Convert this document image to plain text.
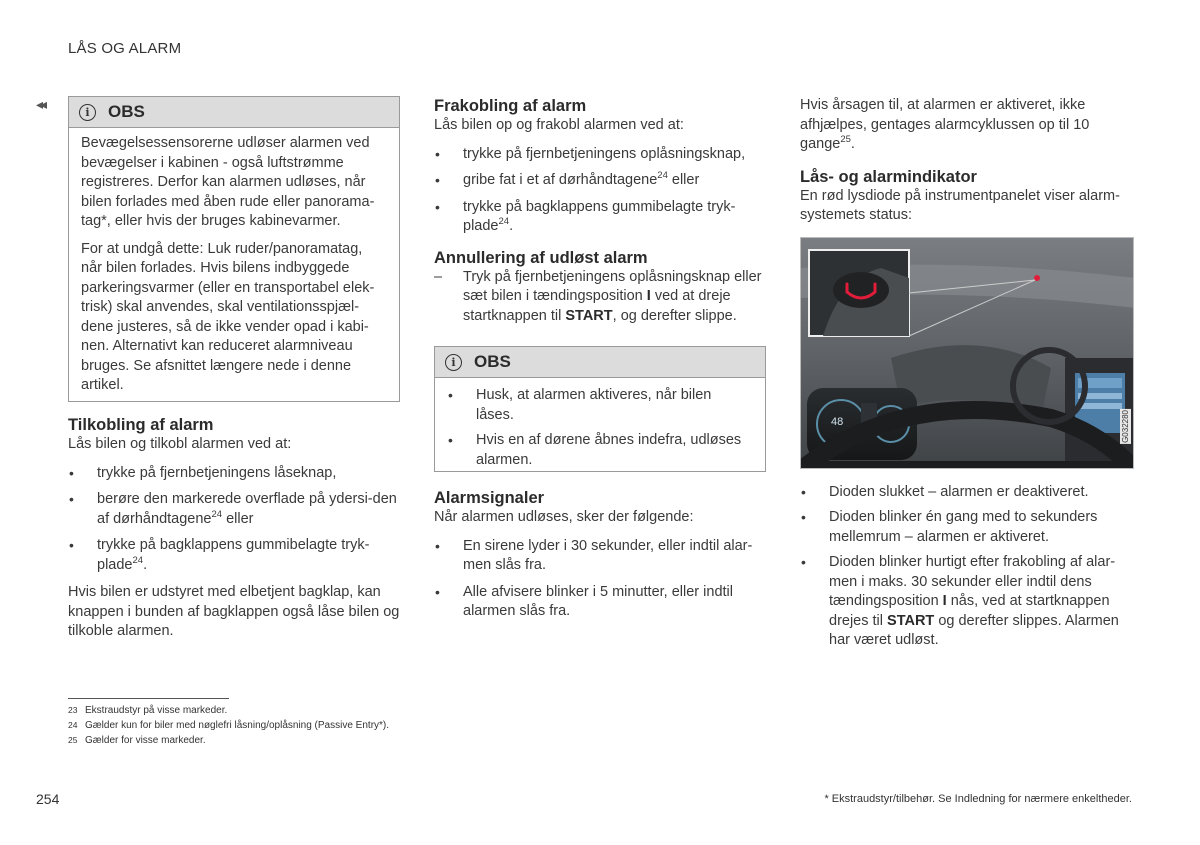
LÅS OG ALARM
◂◂	i	OBS

Bevægelsessensorerne udløser alarmen ved bevægelser i kabinen - også luftstrømme registreres. Derfor kan alarmen udløses, når bilen forlades med åben rude eller panorama-tag*, eller hvis der bruges kabinevarmer.

For at undgå dette: Luk ruder/panoramatag, når bilen forlades. Hvis bilens indbyggede parkeringsvarmer (eller en transportabel elek-trisk) skal anvendes, skal ventilationsspjæl-dene justeres, så de ikke vender opad i kabi-nen. Alternativt kan reduceret alarmniveau bruges. Se afsnittet længere nede i denne artikel.

Tilkobling af alarm

Lås bilen og tilkobl alarmen ved at:

• trykke på fjernbetjeningens låseknap,
• berøre den markerede overflade på ydersi-den af dørhåndtagene$^{24}$ eller
• trykke på bagklappens gummibelagte tryk-plade$^{24}$.

Hvis bilen er udstyret med elbetjent bagklap, kan knappen i bunden af bagklappen også låse bilen og tilkoble alarmen.

Frakobling af alarm

Lås bilen op og frakobl alarmen ved at:

• trykke på fjernbetjeningens oplåsningsknap,
• gribe fat i et af dørhåndtagene$^{24}$ eller
• trykke på bagklappens gummibelagte tryk-plade$^{24}$.
Annullering af udløst alarm
– Tryk på fjernbetjeningens oplåsningsknap eller sæt bilen i tændingsposition I ved at dreje startknappen til START, og derefter slippe.
i	OBS
• Husk, at alarmen aktiveres, når bilen låses.
• Hvis en af dørene åbnes indefra, udløses alarmen.
Alarmsignaler

Når alarmen udløses, sker der følgende:

• En sirene lyder i 30 sekunder, eller indtil alar-men slås fra.
• Alle afvisere blinker i 5 minutter, eller indtil alarmen slås fra.

Hvis årsagen til, at alarmen er aktiveret, ikke afhjælpes, gentages alarmcyklussen op til 10 gange$^{25}$.

Lås- og alarmindikator

En rød lysdiode på instrumentpanelet viser alarm-systemets status:

48	G032280
• Dioden slukket – alarmen er deaktiveret.
• Dioden blinker én gang med to sekunders mellemrum – alarmen er aktiveret.
• Dioden blinker hurtigt efter frakobling af alar-men i maks. 30 sekunder eller indtil dens tændingsposition I nås, ved at startknappen drejes til START og derefter slippes. Alarmen har været udløst.
23 Ekstraudstyr på visse markeder.
24 Gælder kun for biler med nøglefri låsning/oplåsning (Passive Entry*).
25 Gælder for visse markeder.
254	* Ekstraudstyr/tilbehør. Se Indledning for nærmere enkeltheder.
